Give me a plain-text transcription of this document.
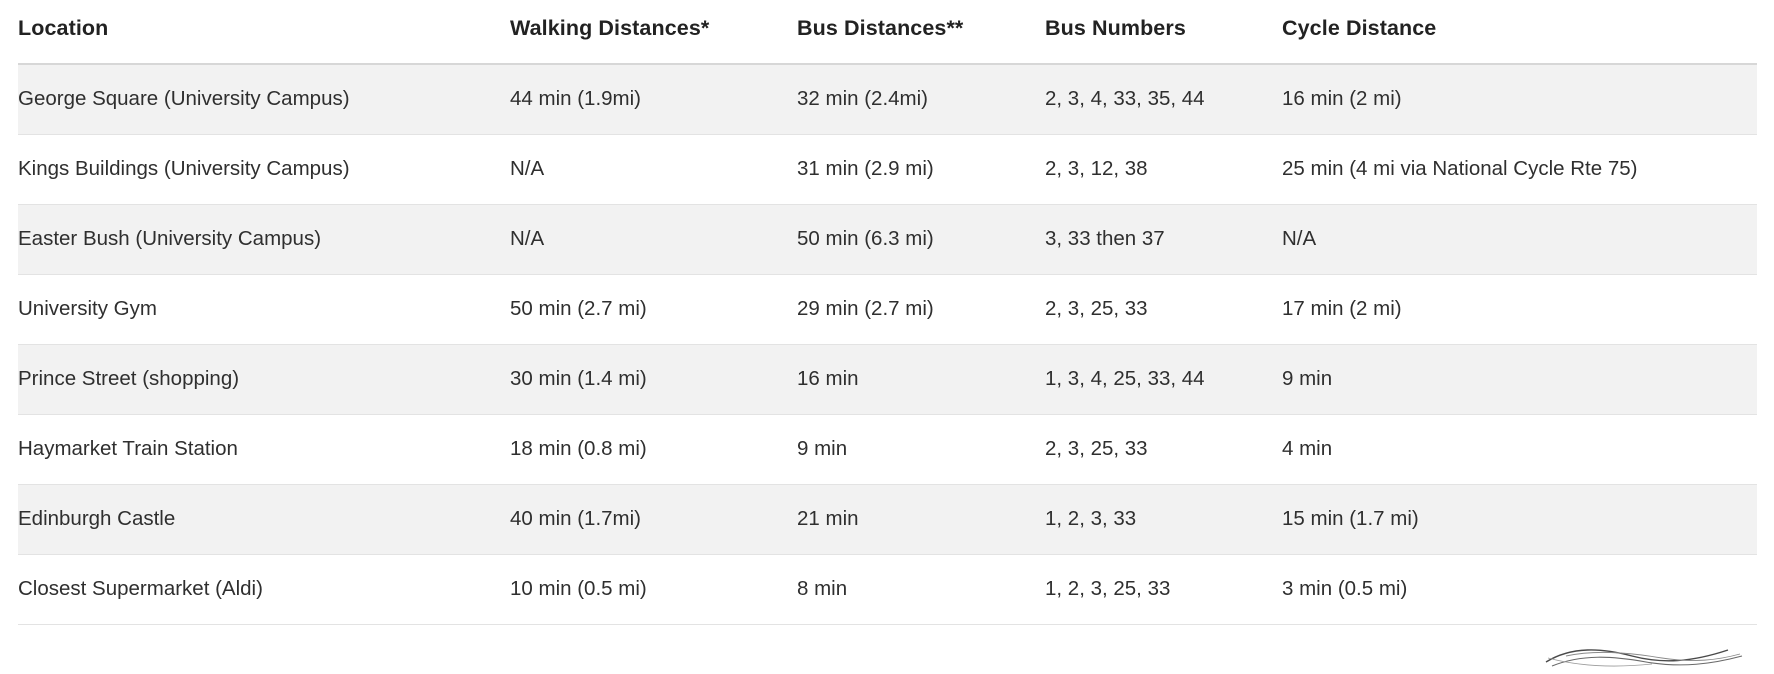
Location	Walking Distances*	Bus Distances**	Bus Numbers	Cycle Distance
George Square (University Campus)	44 min (1.9mi)	32 min (2.4mi)	2, 3, 4, 33, 35, 44	16 min (2 mi)
Kings Buildings (University Campus)	N/A	31 min (2.9 mi)	2, 3, 12, 38	25 min (4 mi via National Cycle Rte 75)
Easter Bush (University Campus)	N/A	50 min (6.3 mi)	3, 33 then 37	N/A
University Gym	50 min (2.7 mi)	29 min (2.7 mi)	2, 3, 25, 33	17 min (2 mi)
Prince Street (shopping)	30 min (1.4 mi)	16 min	1, 3, 4, 25, 33, 44	9 min
Haymarket Train Station	18 min (0.8 mi)	9 min	2, 3, 25, 33	4 min
Edinburgh Castle	40 min (1.7mi)	21 min	1, 2, 3, 33	15 min (1.7 mi)
Closest Supermarket (Aldi)	10 min (0.5 mi)	8 min	1, 2, 3, 25, 33	3 min (0.5 mi)
